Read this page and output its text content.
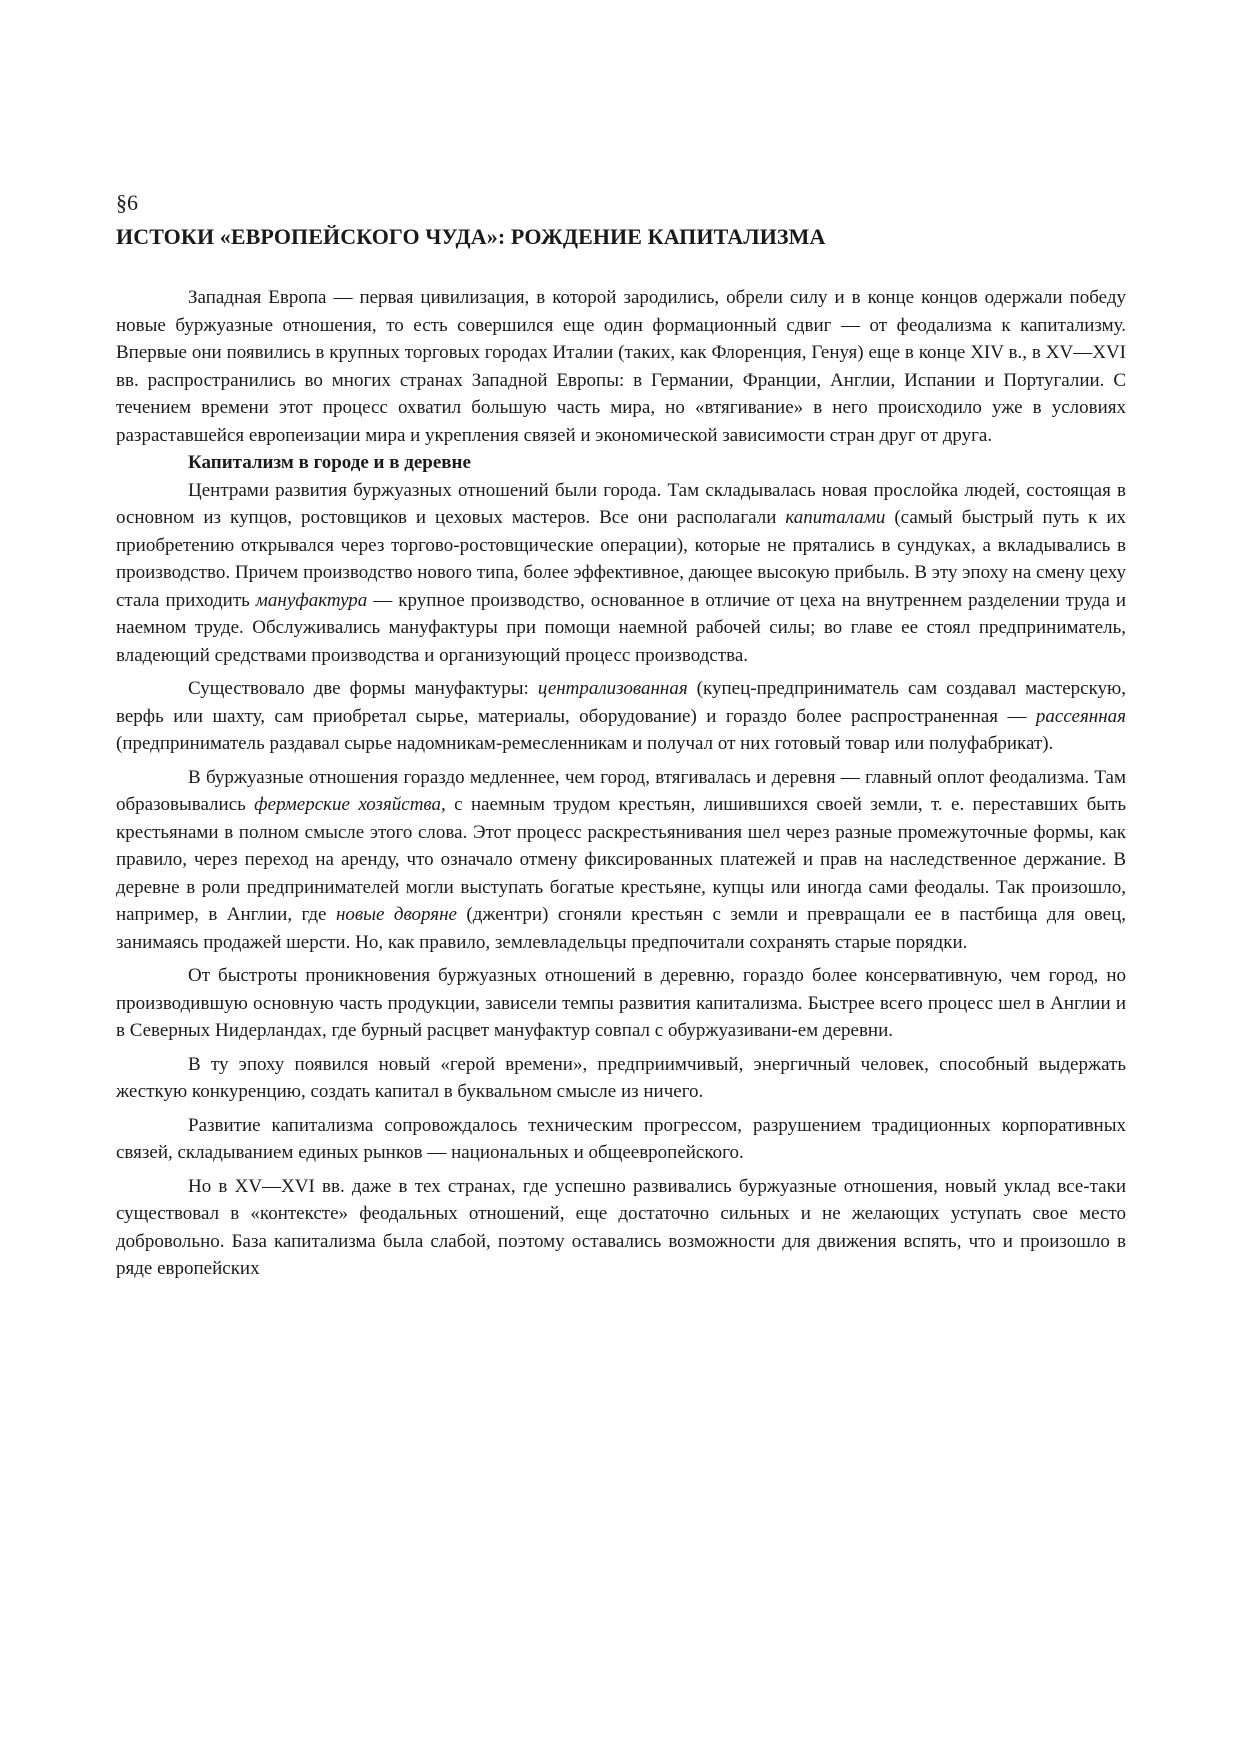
§6

ИСТОКИ «ЕВРОПЕЙСКОГО ЧУДА»: РОЖДЕНИЕ КАПИТАЛИЗМА

Западная Европа — первая цивилизация, в которой зародились, обрели силу и в конце концов одержали победу новые буржуазные отношения, то есть совершился еще один формационный сдвиг — от феодализма к капитализму. Впервые они появились в крупных торговых городах Италии (таких, как Флоренция, Генуя) еще в конце XIV в., в XV—XVI вв. распространились во многих странах Западной Европы: в Германии, Франции, Англии, Испании и Португалии. С течением времени этот процесс охватил большую часть мира, но «втягивание» в него происходило уже в условиях разраставшейся европеизации мира и укрепления связей и экономической зависимости стран друг от друга.

Капитализм в городе и в деревне

Центрами развития буржуазных отношений были города. Там складывалась новая прослойка людей, состоящая в основном из купцов, ростовщиков и цеховых мастеров. Все они располагали капиталами (самый быстрый путь к их приобретению открывался через торгово-ростовщические операции), которые не прятались в сундуках, а вкладывались в производство. Причем производство нового типа, более эффективное, дающее высокую прибыль. В эту эпоху на смену цеху стала приходить мануфактура — крупное производство, основанное в отличие от цеха на внутреннем разделении труда и наемном труде. Обслуживались мануфактуры при помощи наемной рабочей силы; во главе ее стоял предприниматель, владеющий средствами производства и организующий процесс производства.

Существовало две формы мануфактуры: централизованная (купец-предприниматель сам создавал мастерскую, верфь или шахту, сам приобретал сырье, материалы, оборудование) и гораздо более распространенная — рассеянная (предприниматель раздавал сырье надомникам-ремесленникам и получал от них готовый товар или полуфабрикат).

В буржуазные отношения гораздо медленнее, чем город, втягивалась и деревня — главный оплот феодализма. Там образовывались фермерские хозяйства, с наемным трудом крестьян, лишившихся своей земли, т. е. переставших быть крестьянами в полном смысле этого слова. Этот процесс раскрестьянивания шел через разные промежуточные формы, как правило, через переход на аренду, что означало отмену фиксированных платежей и прав на наследственное держание. В деревне в роли предпринимателей могли выступать богатые крестьяне, купцы или иногда сами феодалы. Так произошло, например, в Англии, где новые дворяне (джентри) сгоняли крестьян с земли и превращали ее в пастбища для овец, занимаясь продажей шерсти. Но, как правило, землевладельцы предпочитали сохранять старые порядки.

От быстроты проникновения буржуазных отношений в деревню, гораздо более консервативную, чем город, но производившую основную часть продукции, зависели темпы развития капитализма. Быстрее всего процесс шел в Англии и в Северных Нидерландах, где бурный расцвет мануфактур совпал с обуржуазивани-ем деревни.

В ту эпоху появился новый «герой времени», предприимчивый, энергичный человек, способный выдержать жесткую конкуренцию, создать капитал в буквальном смысле из ничего.

Развитие капитализма сопровождалось техническим прогрессом, разрушением традиционных корпоративных связей, складыванием единых рынков — национальных и общеевропейского.

Но в XV—XVI вв. даже в тех странах, где успешно развивались буржуазные отношения, новый уклад все-таки существовал в «контексте» феодальных отношений, еще достаточно сильных и не желающих уступать свое место добровольно. База капитализма была слабой, поэтому оставались возможности для движения вспять, что и произошло в ряде европейских
